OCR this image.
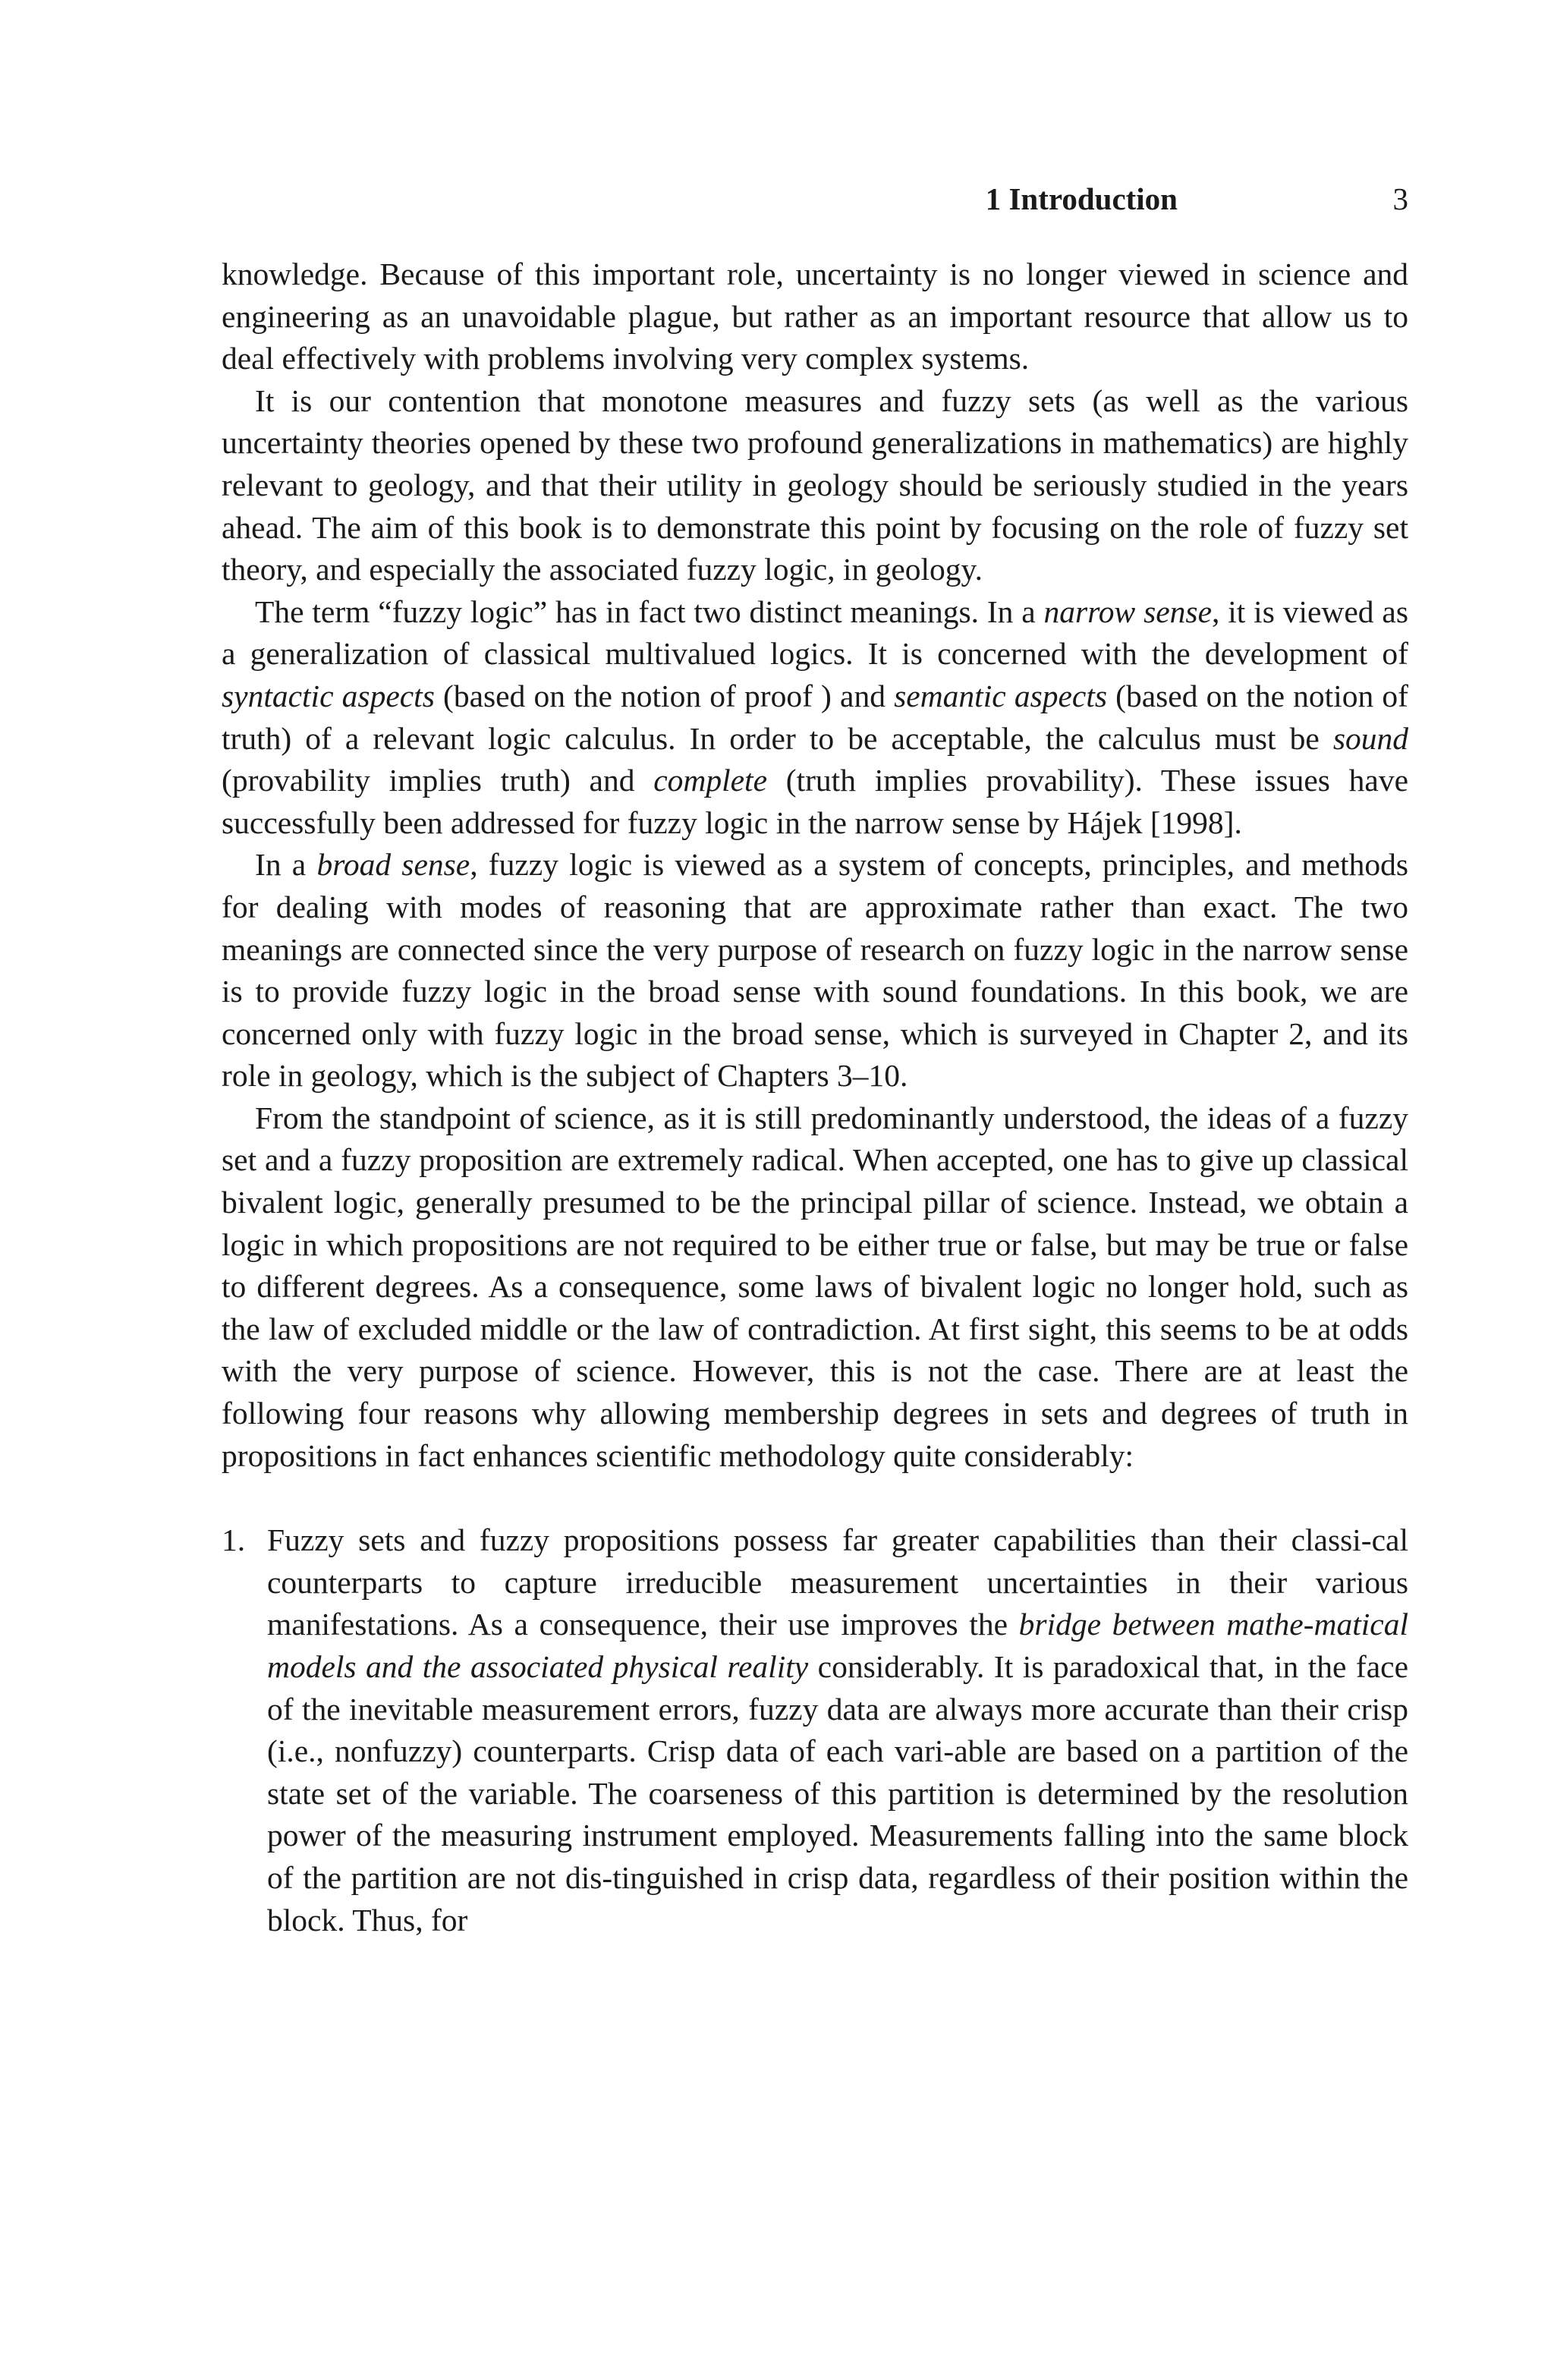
1 Introduction	3

knowledge. Because of this important role, uncertainty is no longer viewed in science and engineering as an unavoidable plague, but rather as an important resource that allow us to deal effectively with problems involving very complex systems.

It is our contention that monotone measures and fuzzy sets (as well as the various uncertainty theories opened by these two profound generalizations in mathematics) are highly relevant to geology, and that their utility in geology should be seriously studied in the years ahead. The aim of this book is to demonstrate this point by focusing on the role of fuzzy set theory, and especially the associated fuzzy logic, in geology.

The term “fuzzy logic” has in fact two distinct meanings. In a narrow sense, it is viewed as a generalization of classical multivalued logics. It is concerned with the development of syntactic aspects (based on the notion of proof ) and semantic aspects (based on the notion of truth) of a relevant logic calculus. In order to be acceptable, the calculus must be sound (provability implies truth) and complete (truth implies provability). These issues have successfully been addressed for fuzzy logic in the narrow sense by Hájek [1998].

In a broad sense, fuzzy logic is viewed as a system of concepts, principles, and methods for dealing with modes of reasoning that are approximate rather than exact. The two meanings are connected since the very purpose of research on fuzzy logic in the narrow sense is to provide fuzzy logic in the broad sense with sound foundations. In this book, we are concerned only with fuzzy logic in the broad sense, which is surveyed in Chapter 2, and its role in geology, which is the subject of Chapters 3–10.

From the standpoint of science, as it is still predominantly understood, the ideas of a fuzzy set and a fuzzy proposition are extremely radical. When accepted, one has to give up classical bivalent logic, generally presumed to be the principal pillar of science. Instead, we obtain a logic in which propositions are not required to be either true or false, but may be true or false to different degrees. As a consequence, some laws of bivalent logic no longer hold, such as the law of excluded middle or the law of contradiction. At first sight, this seems to be at odds with the very purpose of science. However, this is not the case. There are at least the following four reasons why allowing membership degrees in sets and degrees of truth in propositions in fact enhances scientific methodology quite considerably:

1. Fuzzy sets and fuzzy propositions possess far greater capabilities than their classi-cal counterparts to capture irreducible measurement uncertainties in their various manifestations. As a consequence, their use improves the bridge between mathe-matical models and the associated physical reality considerably. It is paradoxical that, in the face of the inevitable measurement errors, fuzzy data are always more accurate than their crisp (i.e., nonfuzzy) counterparts. Crisp data of each vari-able are based on a partition of the state set of the variable. The coarseness of this partition is determined by the resolution power of the measuring instrument employed. Measurements falling into the same block of the partition are not dis-tinguished in crisp data, regardless of their position within the block. Thus, for
